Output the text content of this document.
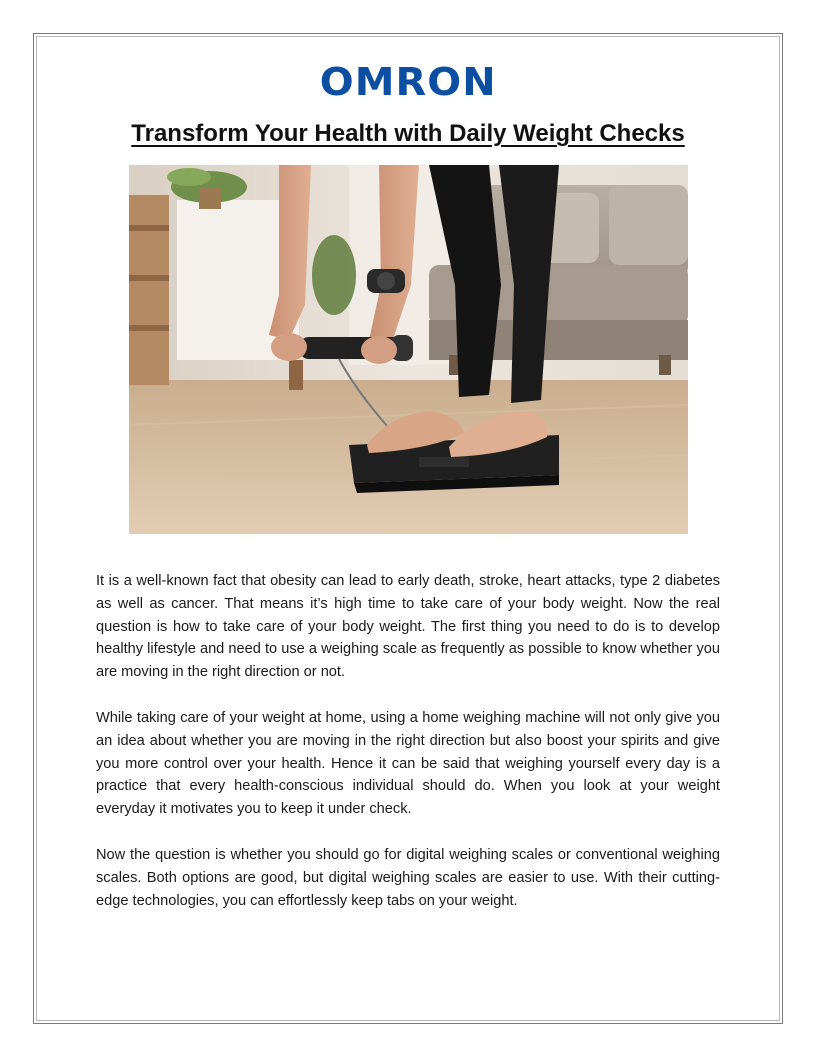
OMRON
Transform Your Health with Daily Weight Checks

It is a well-known fact that obesity can lead to early death, stroke, heart attacks, type 2 diabetes as well as cancer. That means it’s high time to take care of your body weight. Now the real question is how to take care of your body weight. The first thing you need to do is to develop healthy lifestyle and need to use a weighing scale as frequently as possible to know whether you are moving in the right direction or not.

While taking care of your weight at home, using a home weighing machine will not only give you an idea about whether you are moving in the right direction but also boost your spirits and give you more control over your health. Hence it can be said that weighing yourself every day is a practice that every health-conscious individual should do. When you look at your weight everyday it motivates you to keep it under check.

Now the question is whether you should go for digital weighing scales or conventional weighing scales. Both options are good, but digital weighing scales are easier to use. With their cutting-edge technologies, you can effortlessly keep tabs on your weight.
